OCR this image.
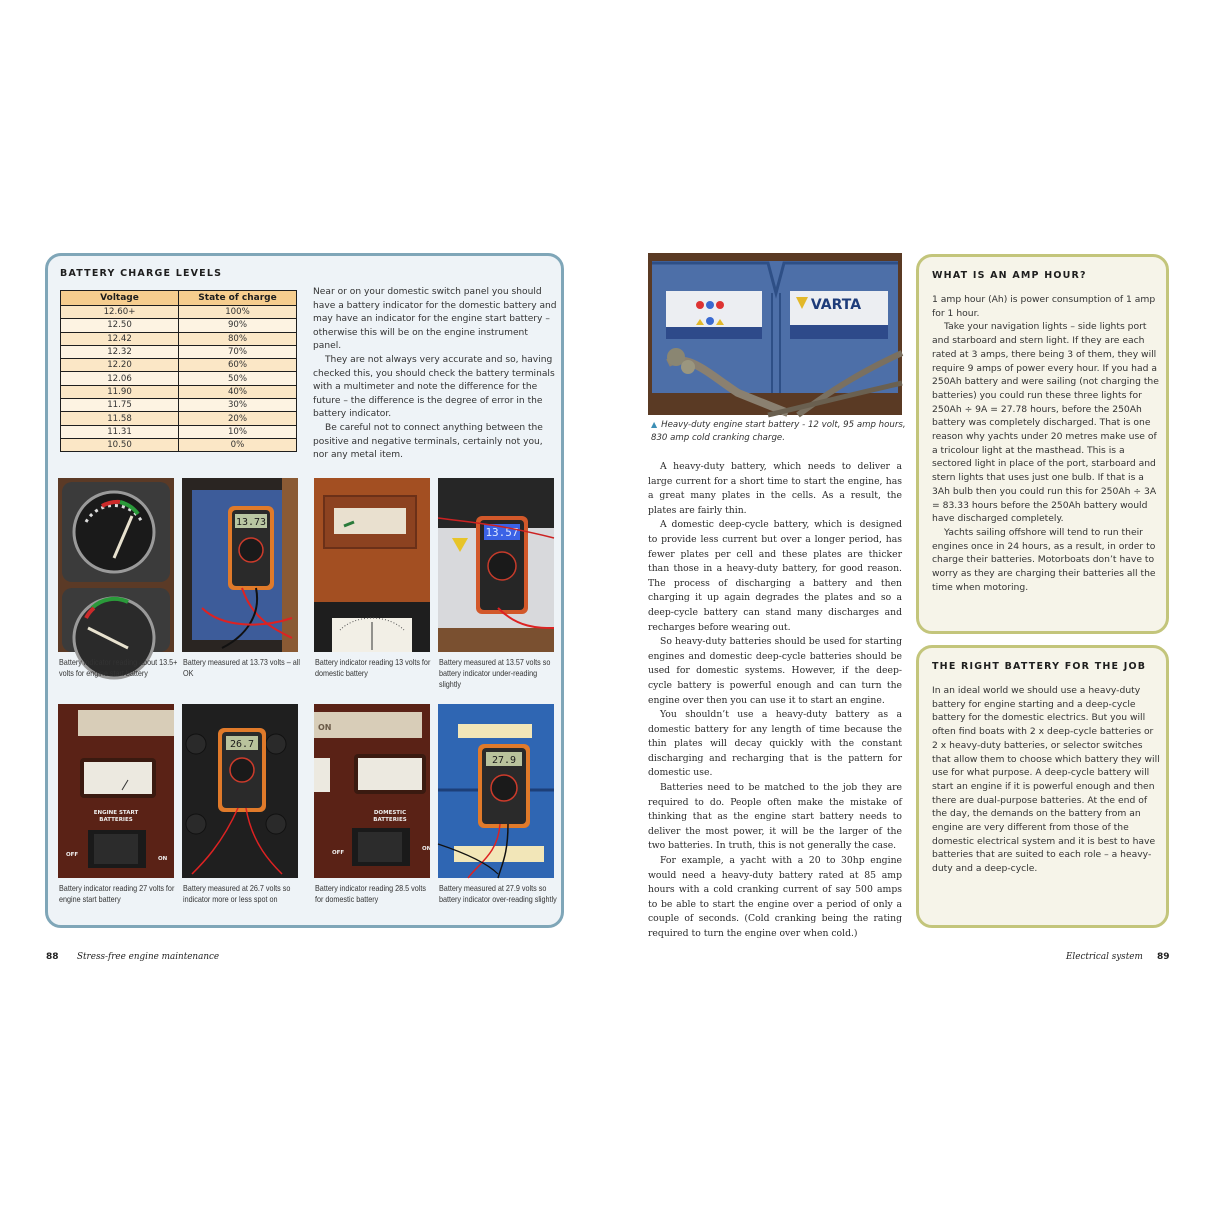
BATTERY CHARGE LEVELS
Voltage	State of charge
12.60+	100%
12.50	90%
12.42	80%
12.32	70%
12.20	60%
12.06	50%
11.90	40%
11.75	30%
11.58	20%
11.31	10%
10.50	0%

Near or on your domestic switch panel you should have a battery indicator for the domestic battery and may have an indicator for the engine start battery – otherwise this will be on the engine instrument panel.

They are not always very accurate and so, having checked this, you should check the battery terminals with a multimeter and note the difference for the future – the difference is the degree of error in the battery indicator.

Be careful not to connect anything between the positive and negative terminals, certainly not you, nor any metal item.

Battery indicator reading about 13.5+ volts for engine start battery
13.73
Battery measured at 13.73 volts – all OK
Battery indicator reading 13 volts for domestic battery
13.57
Battery measured at 13.57 volts so battery indicator under-reading slightly
ENGINE START
BATTERIES
OFF
ON
Battery indicator reading 27 volts for engine start battery
26.7
Battery measured at 26.7 volts so indicator more or less spot on
ON
DOMESTIC
BATTERIES
OFF
ON
Battery indicator reading 28.5 volts for domestic battery
27.9
Battery measured at 27.9 volts so battery indicator over-reading slightly
88 Stress-free engine maintenance
VARTA
▲ Heavy-duty engine start battery - 12 volt, 95 amp hours, 830 amp cold cranking charge.

A heavy-duty battery, which needs to deliver a large current for a short time to start the engine, has a great many plates in the cells. As a result, the plates are fairly thin.

A domestic deep-cycle battery, which is designed to provide less current but over a longer period, has fewer plates per cell and these plates are thicker than those in a heavy-duty battery, for good reason. The process of discharging a battery and then charging it up again degrades the plates and so a deep-cycle battery can stand many discharges and recharges before wearing out.

So heavy-duty batteries should be used for starting engines and domestic deep-cycle batteries should be used for domestic systems. However, if the deep-cycle battery is powerful enough and can turn the engine over then you can use it to start an engine.

You shouldn’t use a heavy-duty battery as a domestic battery for any length of time because the thin plates will decay quickly with the constant discharging and recharging that is the pattern for domestic use.

Batteries need to be matched to the job they are required to do. People often make the mistake of thinking that as the engine start battery needs to deliver the most power, it will be the larger of the two batteries. In truth, this is not generally the case.

For example, a yacht with a 20 to 30hp engine would need a heavy-duty battery rated at 85 amp hours with a cold cranking current of say 500 amps to be able to start the engine over a period of only a couple of seconds. (Cold cranking being the rating required to turn the engine over when cold.)

WHAT IS AN AMP HOUR?

1 amp hour (Ah) is power consumption of 1 amp for 1 hour.

Take your navigation lights – side lights port and starboard and stern light. If they are each rated at 3 amps, there being 3 of them, they will require 9 amps of power every hour. If you had a 250Ah battery and were sailing (not charging the batteries) you could run these three lights for 250Ah ÷ 9A = 27.78 hours, before the 250Ah battery was completely discharged. That is one reason why yachts under 20 metres make use of a tricolour light at the masthead. This is a sectored light in place of the port, starboard and stern lights that uses just one bulb. If that is a 3Ah bulb then you could run this for 250Ah ÷ 3A = 83.33 hours before the 250Ah battery would have discharged completely.

Yachts sailing offshore will tend to run their engines once in 24 hours, as a result, in order to charge their batteries. Motorboats don’t have to worry as they are charging their batteries all the time when motoring.

THE RIGHT BATTERY FOR THE JOB

In an ideal world we should use a heavy-duty battery for engine starting and a deep-cycle battery for the domestic electrics. But you will often find boats with 2 x deep-cycle batteries or 2 x heavy-duty batteries, or selector switches that allow them to choose which battery they will use for what purpose. A deep-cycle battery will start an engine if it is powerful enough and then there are dual-purpose batteries. At the end of the day, the demands on the battery from an engine are very different from those of the domestic electrical system and it is best to have batteries that are suited to each role – a heavy-duty and a deep-cycle.

Electrical system 89
